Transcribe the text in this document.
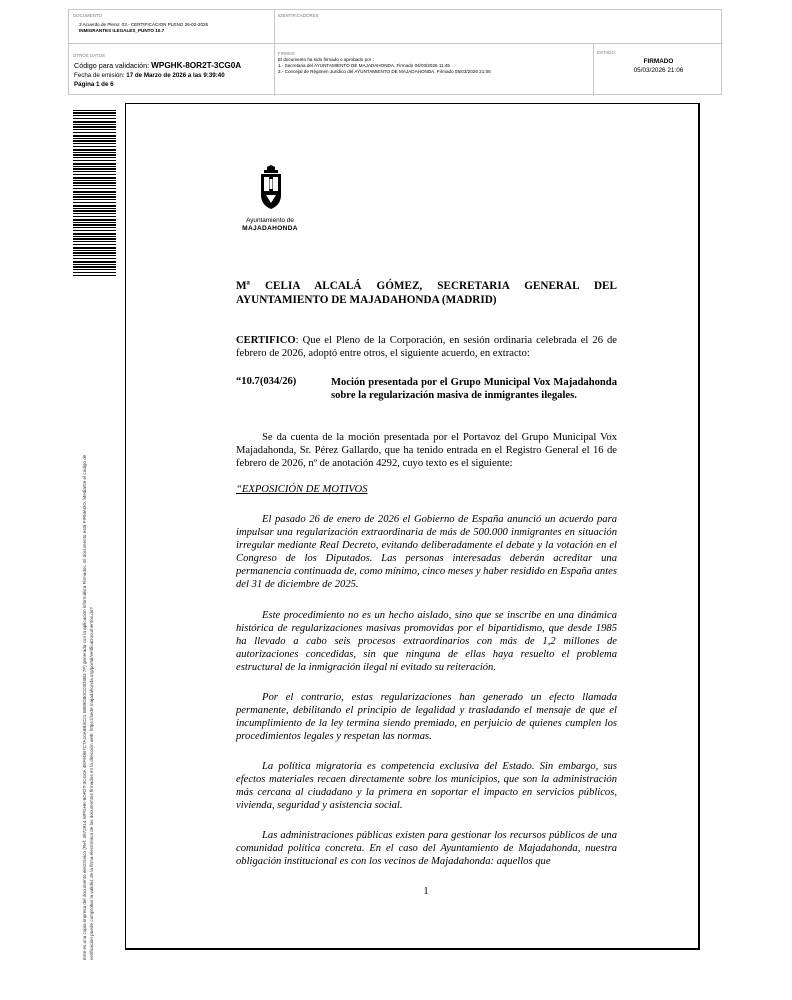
DOCUMENTO
3 Acuerdo de Pleno: 03.- CERTIFICACION PLENO 26-02-2026
INMIGRANTES ILEGALES_PUNTO 10.7
IDENTIFICADORES
OTROS DATOS
Código para validación: WPGHK-8OR2T-3CG0A
Fecha de emisión: 17 de Marzo de 2026 a las 9:39:40
Página 1 de 6
FIRMAS
El documento ha sido firmado o aprobado por :
1.- Secretaria del AYUNTAMIENTO DE MAJADAHONDA. Firmado 04/03/2026 11:45
2.- Concejal de Régimen Jurídico del AYUNTAMIENTO DE MAJADAHONDA. Firmado 05/03/2026 21:06
ESTADO
FIRMADO
05/03/2026 21:06
Este es una copia impresa del documento electrónico (Ref: 3672914 WPGHK-8OR2T-3CG0A 4EF9DB7C7A10A8B3C21 5B89D80CC0D8B3 7F) generada con la aplicación informática Firmadoc. El documento está FIRMADO. Mediante el código de verificación puede comprobar la validez de la firma electrónica de los documentos firmados en la dirección web: https://sede.majadahonda.org/portal/verificaDocumentos.do?
Ayuntamiento de
MAJADAHONDA
Mª CELIA ALCALÁ GÓMEZ, SECRETARIA GENERAL DEL AYUNTAMIENTO DE MAJADAHONDA (MADRID)
CERTIFICO: Que el Pleno de la Corporación, en sesión ordinaria celebrada el 26 de febrero de 2026, adoptó entre otros, el siguiente acuerdo, en extracto:
“10.7(034/26)	Moción presentada por el Grupo Municipal Vox Majadahonda sobre la regularización masiva de inmigrantes ilegales.
Se da cuenta de la moción presentada por el Portavoz del Grupo Municipal Vox Majadahonda, Sr. Pérez Gallardo, que ha tenido entrada en el Registro General el 16 de febrero de 2026, nº de anotación 4292, cuyo texto es el siguiente:
“EXPOSICIÓN DE MOTIVOS
El pasado 26 de enero de 2026 el Gobierno de España anunció un acuerdo para impulsar una regularización extraordinaria de más de 500.000 inmigrantes en situación irregular mediante Real Decreto, evitando deliberadamente el debate y la votación en el Congreso de los Diputados. Las personas interesadas deberán acreditar una permanencia continuada de, como mínimo, cinco meses y haber residido en España antes del 31 de diciembre de 2025.
Este procedimiento no es un hecho aislado, sino que se inscribe en una dinámica histórica de regularizaciones masivas promovidas por el bipartidismo, que desde 1985 ha llevado a cabo seis procesos extraordinarios con más de 1,2 millones de autorizaciones concedidas, sin que ninguna de ellas haya resuelto el problema estructural de la inmigración ilegal ni evitado su reiteración.
Por el contrario, estas regularizaciones han generado un efecto llamada permanente, debilitando el principio de legalidad y trasladando el mensaje de que el incumplimiento de la ley termina siendo premiado, en perjuicio de quienes cumplen los procedimientos legales y respetan las normas.
La política migratoria es competencia exclusiva del Estado. Sin embargo, sus efectos materiales recaen directamente sobre los municipios, que son la administración más cercana al ciudadano y la primera en soportar el impacto en servicios públicos, vivienda, seguridad y asistencia social.
Las administraciones públicas existen para gestionar los recursos públicos de una comunidad política concreta. En el caso del Ayuntamiento de Majadahonda, nuestra obligación institucional es con los vecinos de Majadahonda: aquellos que
1
